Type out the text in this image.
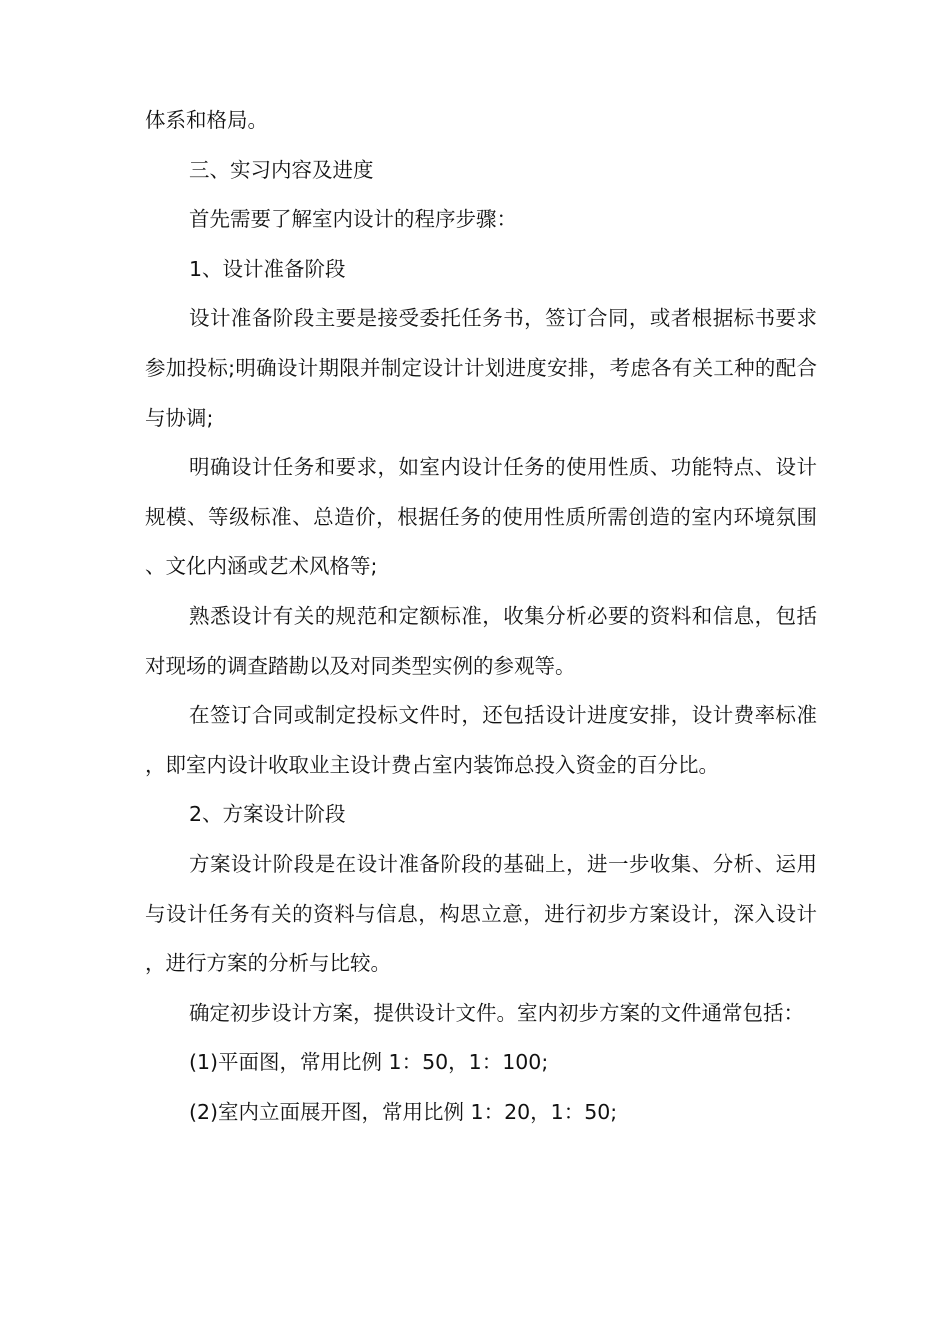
体系和格局。

三、实习内容及进度

首先需要了解室内设计的程序步骤：

1、设计准备阶段

设计准备阶段主要是接受委托任务书，签订合同，或者根据标书要求参加投标;明确设计期限并制定设计计划进度安排，考虑各有关工种的配合与协调;

明确设计任务和要求，如室内设计任务的使用性质、功能特点、设计规模、等级标准、总造价，根据任务的使用性质所需创造的室内环境氛围、文化内涵或艺术风格等;

熟悉设计有关的规范和定额标准，收集分析必要的资料和信息，包括对现场的调查踏勘以及对同类型实例的参观等。

在签订合同或制定投标文件时，还包括设计进度安排，设计费率标准，即室内设计收取业主设计费占室内装饰总投入资金的百分比。

2、方案设计阶段

方案设计阶段是在设计准备阶段的基础上，进一步收集、分析、运用与设计任务有关的资料与信息，构思立意，进行初步方案设计，深入设计，进行方案的分析与比较。

确定初步设计方案，提供设计文件。室内初步方案的文件通常包括：

(1)平面图，常用比例 1：50，1：100;

(2)室内立面展开图，常用比例 1：20，1：50;
